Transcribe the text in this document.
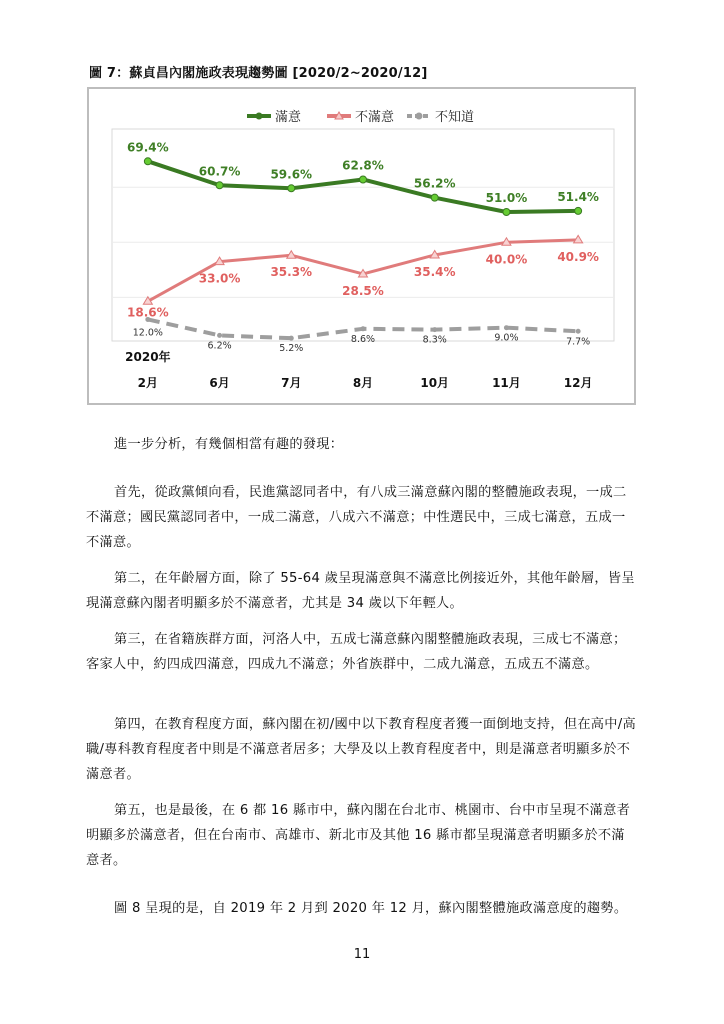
圖 7：蘇貞昌內閣施政表現趨勢圖 [2020/2~2020/12]
滿意	不滿意	不知道
69.4%
60.7%	59.6%
62.8%
56.2%
51.0%	51.4%
18.6%
33.0%	35.3%
28.5%
35.4%
40.0%	40.9%
12.0%
6.2%	5.2%
8.6%	8.3%	9.0%	7.7%
2020年
2月	6月	7月	8月	10月	11月	12月
進一步分析，有幾個相當有趣的發現：
首先，從政黨傾向看，民進黨認同者中，有八成三滿意蘇內閣的整體施政表現，一成二不滿意；國民黨認同者中，一成二滿意，八成六不滿意；中性選民中，三成七滿意，五成一不滿意。
第二，在年齡層方面，除了 55-64 歲呈現滿意與不滿意比例接近外，其他年齡層，皆呈現滿意蘇內閣者明顯多於不滿意者，尤其是 34 歲以下年輕人。
第三，在省籍族群方面，河洛人中，五成七滿意蘇內閣整體施政表現，三成七不滿意；客家人中，約四成四滿意，四成九不滿意；外省族群中，二成九滿意，五成五不滿意。
第四，在教育程度方面，蘇內閣在初/國中以下教育程度者獲一面倒地支持，但在高中/高職/專科教育程度者中則是不滿意者居多；大學及以上教育程度者中，則是滿意者明顯多於不滿意者。
第五，也是最後，在 6 都 16 縣市中，蘇內閣在台北市、桃園市、台中市呈現不滿意者明顯多於滿意者，但在台南市、高雄市、新北市及其他 16 縣市都呈現滿意者明顯多於不滿意者。
圖 8 呈現的是，自 2019 年 2 月到 2020 年 12 月，蘇內閣整體施政滿意度的趨勢。
11
